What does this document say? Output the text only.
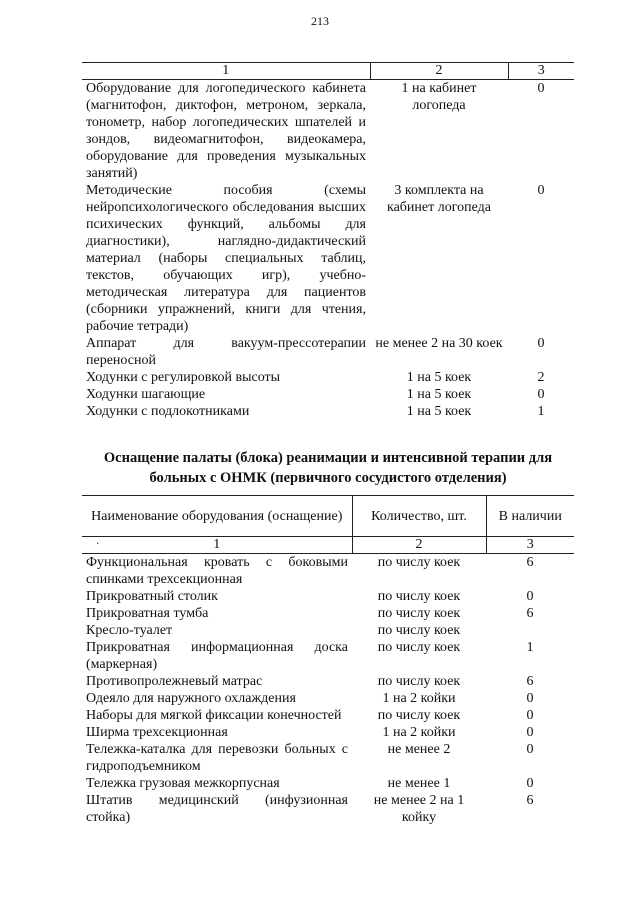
213
1	2	3
Оборудование для логопедического кабинета (магнитофон, диктофон, метроном, зеркала, тонометр, набор логопедических шпателей и зондов, видеомагнитофон, видеокамера, оборудование для проведения музыкальных занятий)	1 на кабинет логопеда	0
Методические пособия (схемы нейропсихологического обследования высших психических функций, альбомы для диагностики), наглядно-дидактический материал (наборы специальных таблиц, текстов, обучающих игр), учебно-методическая литература для пациентов (сборники упражнений, книги для чтения, рабочие тетради)	3 комплекта на кабинет логопеда	0
Аппарат для вакуум-прессотерапии переносной	не менее 2 на 30 коек	0
Ходунки с регулировкой высоты	1 на 5 коек	2
Ходунки шагающие	1 на 5 коек	0
Ходунки с подлокотниками	1 на 5 коек	1
Оснащение палаты (блока) реанимации и интенсивной терапии для больных с ОНМК (первичного сосудистого отделения)
Наименование оборудования (оснащение)	Количество, шт.	В наличии

· 1	2	3
Функциональная кровать с боковыми спинками трехсекционная	по числу коек	6
Прикроватный столик	по числу коек	0
Прикроватная тумба	по числу коек	6
Кресло-туалет	по числу коек	
Прикроватная информационная доска (маркерная)	по числу коек	1
Противопролежневый матрас	по числу коек	6
Одеяло для наружного охлаждения	1 на 2 койки	0
Наборы для мягкой фиксации конечностей	по числу коек	0
Ширма трехсекционная	1 на 2 койки	0
Тележка-каталка для перевозки больных с гидроподъемником	не менее 2	0
Тележка грузовая межкорпусная	не менее 1	0
Штатив медицинский (инфузионная стойка)	не менее 2 на 1 койку	6
